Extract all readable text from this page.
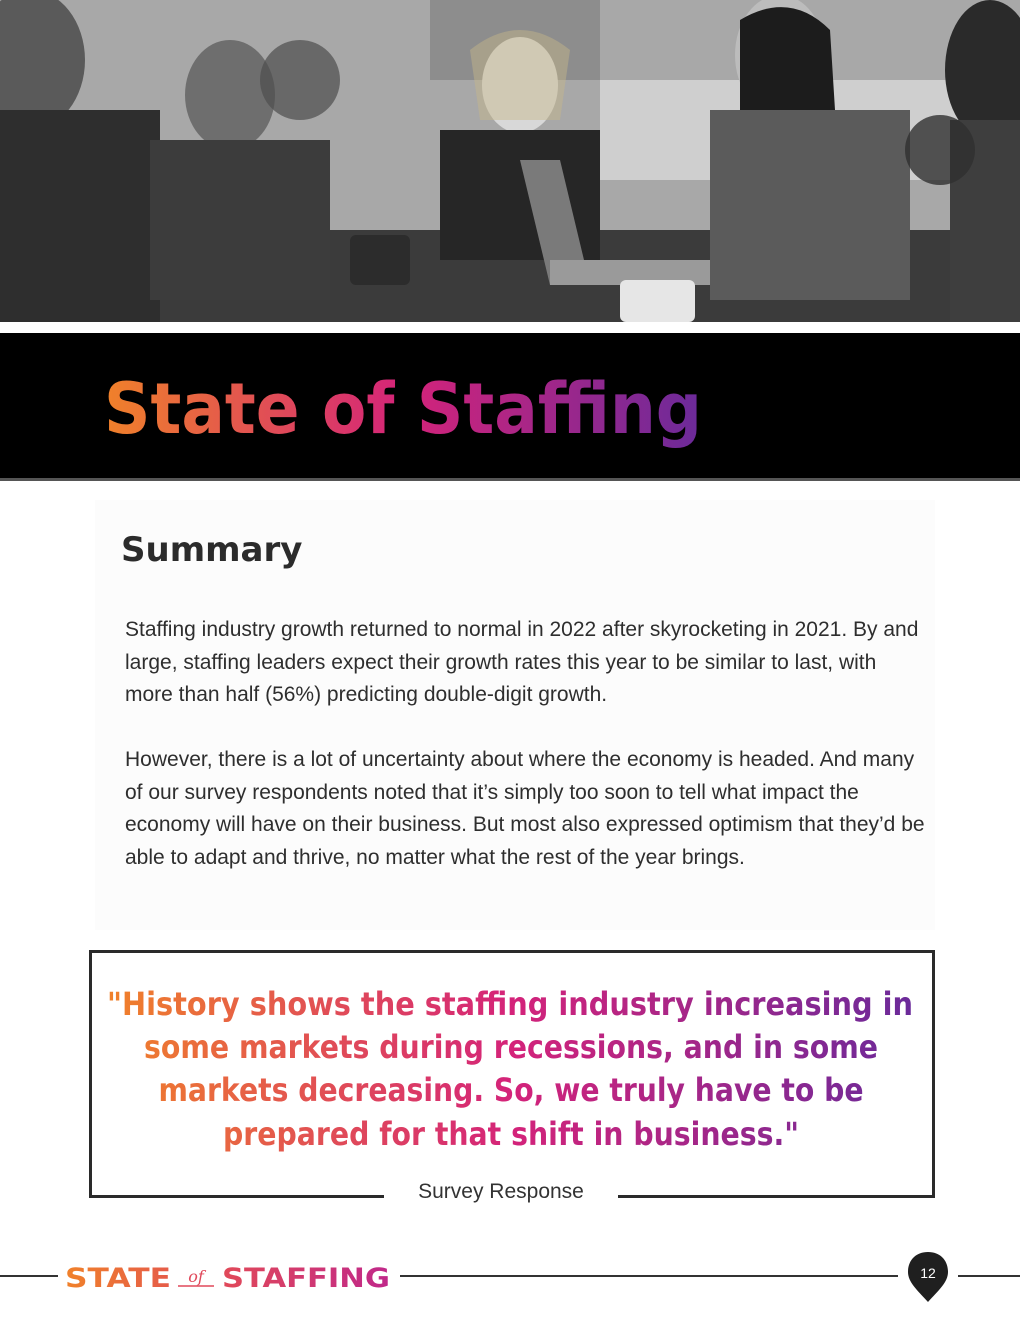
State of Staffing
Summary

Staffing industry growth returned to normal in 2022 after skyrocketing in 2021. By and large, staffing leaders expect their growth rates this year to be similar to last, with more than half (56%) predicting double-digit growth.

However, there is a lot of uncertainty about where the economy is headed. And many of our survey respondents noted that it’s simply too soon to tell what impact the economy will have on their business. But most also expressed optimism that they’d be able to adapt and thrive, no matter what the rest of the year brings.

"History shows the staffing industry increasing in
some markets during recessions, and in some
markets decreasing. So, we truly have to be
prepared for that shift in business."

Survey Response

STATE of STAFFING	12
